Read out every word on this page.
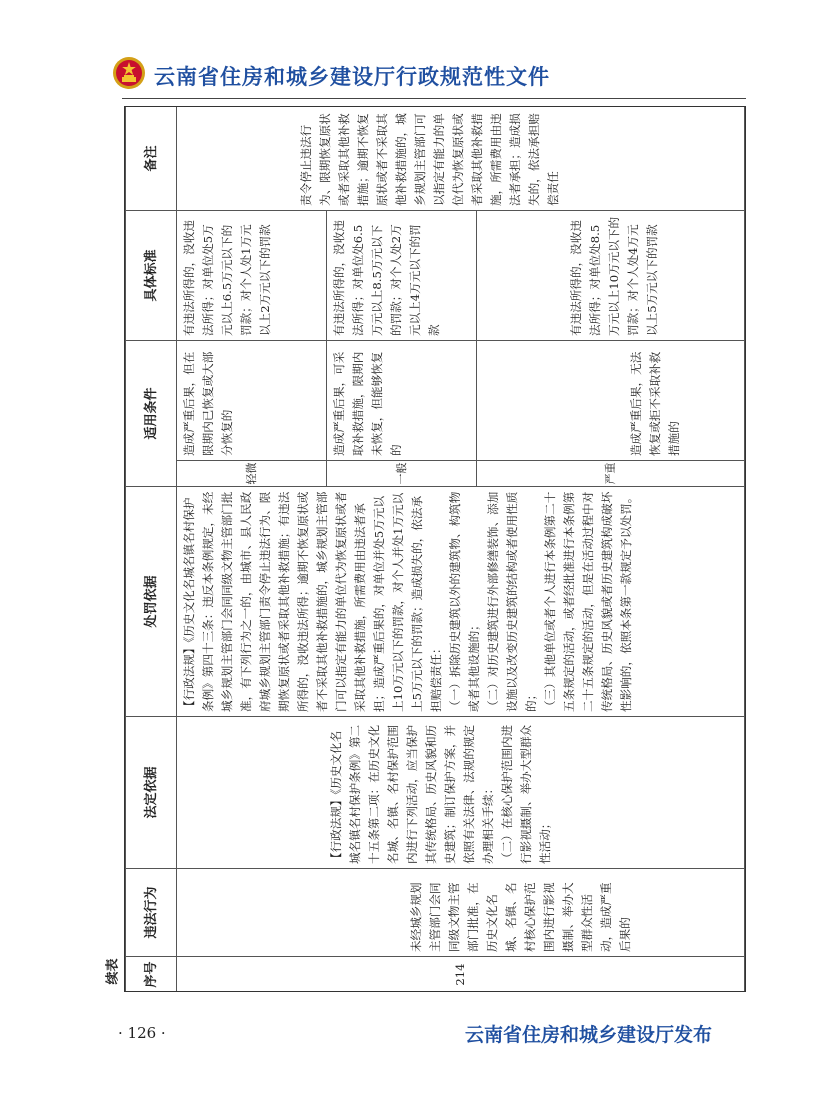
云南省住房和城乡建设厅行政规范性文件
续表 序号	违法行为	法定依据	处罚依据	适用条件		具体标准	备注
214	未经城乡规划主管部门会同同级文物主管部门批准，在历史文化名城、名镇、名村核心保护范围内进行影视摄制、举办大型群众性活动，造成严重后果的	【行政法规】《历史文化名城名镇名村保护条例》第二十五条第二项：在历史文化名城、名镇、名村保护范围内进行下列活动，应当保护其传统格局、历史风貌和历史建筑；制订保护方案，并依照有关法律、法规的规定办理相关手续：
（二）在核心保护范围内进行影视摄制、举办大型群众性活动；	【行政法规】《历史文化名城名镇名村保护条例》第四十三条：违反本条例规定，未经城乡规划主管部门会同同级文物主管部门批准，有下列行为之一的，由城市、县人民政府城乡规划主管部门责令停止违法行为、限期恢复原状或者采取其他补救措施；有违法所得的，没收违法所得；逾期不恢复原状或者不采取其他补救措施的，城乡规划主管部门可以指定有能力的单位代为恢复原状或者采取其他补救措施，所需费用由违法者承担；造成严重后果的，对单位并处5万元以上10万元以下的罚款，对个人并处1万元以上5万元以下的罚款；造成损失的，依法承担赔偿责任：
（一）拆除历史建筑以外的建筑物、构筑物或者其他设施的；
（二）对历史建筑进行外部修缮装饰、添加设施以及改变历史建筑的结构或者使用性质的；
（三）其他单位或者个人进行本条例第二十五条规定的活动，或者经批准进行本条例第二十五条规定的活动，但是在活动过程中对传统格局、历史风貌或者历史建筑构成破坏性影响的，依照本条第一款规定予以处罚。	轻微	造成严重后果，但在限期内已恢复或大部分恢复的	有违法所得的，没收违法所得；对单位处5万元以上6.5万元以下的罚款；对个人处1万元以上2万元以下的罚款	责令停止违法行为、限期恢复原状或者采取其他补救措施；逾期不恢复原状或者不采取其他补救措施的，城乡规划主管部门可以指定有能力的单位代为恢复原状或者采取其他补救措施，所需费用由违法者承担；造成损失的，依法承担赔偿责任
				一般	造成严重后果，可采取补救措施，限期内未恢复，但能够恢复的	有违法所得的，没收违法所得；对单位处6.5万元以上8.5万元以下的罚款；对个人处2万元以上4万元以下的罚款	
				严重	造成严重后果，无法恢复或拒不采取补救措施的	有违法所得的，没收违法所得；对单位处8.5万元以上10万元以下的罚款；对个人处4万元以上5万元以下的罚款	
· 126 ·	云南省住房和城乡建设厅发布
